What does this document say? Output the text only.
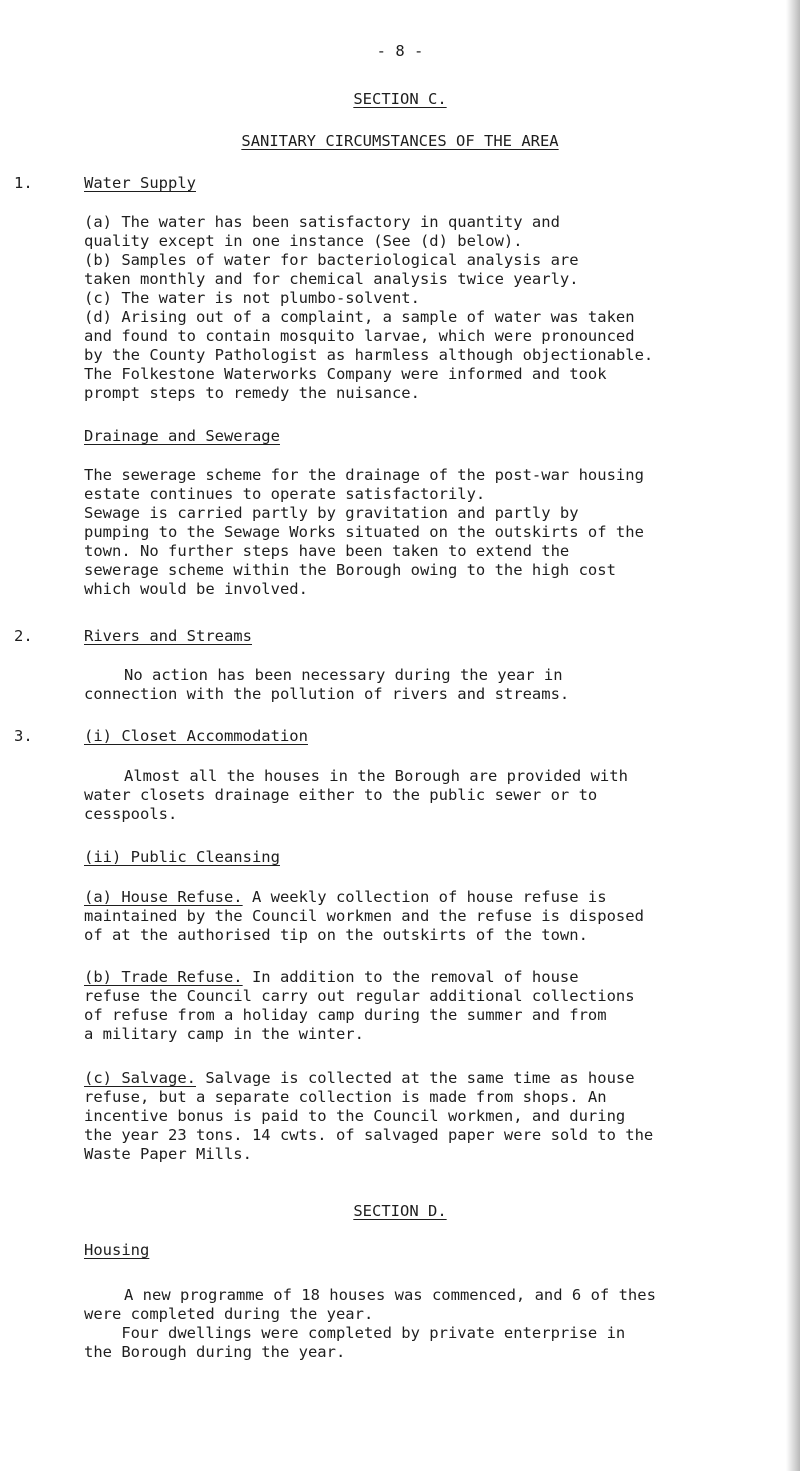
- 8 -
SECTION C.
SANITARY CIRCUMSTANCES OF THE AREA
1.	Water Supply

(a) The water has been satisfactory in quantity and

quality except in one instance (See (d) below).

(b) Samples of water for bacteriological analysis are

taken monthly and for chemical analysis twice yearly.

(c) The water is not plumbo-solvent.

(d) Arising out of a complaint, a sample of water was taken

and found to contain mosquito larvae, which were pronounced

by the County Pathologist as harmless although objectionable.

The Folkestone Waterworks Company were informed and took

prompt steps to remedy the nuisance.

Drainage and Sewerage

The sewerage scheme for the drainage of the post-war housing

estate continues to operate satisfactorily.

Sewage is carried partly by gravitation and partly by

pumping to the Sewage Works situated on the outskirts of the

town. No further steps have been taken to extend the

sewerage scheme within the Borough owing to the high cost

which would be involved.

2.	Rivers and Streams

No action has been necessary during the year in

connection with the pollution of rivers and streams.

3.	(i) Closet Accommodation

Almost all the houses in the Borough are provided with

water closets drainage either to the public sewer or to

cesspools.

(ii) Public Cleansing

(a) House Refuse. A weekly collection of house refuse is

maintained by the Council workmen and the refuse is disposed

of at the authorised tip on the outskirts of the town.

(b) Trade Refuse. In addition to the removal of house

refuse the Council carry out regular additional collections

of refuse from a holiday camp during the summer and from

a military camp in the winter.

(c) Salvage. Salvage is collected at the same time as house

refuse, but a separate collection is made from shops. An

incentive bonus is paid to the Council workmen, and during

the year 23 tons. 14 cwts. of salvaged paper were sold to the

Waste Paper Mills.

SECTION D.
Housing

A new programme of 18 houses was commenced, and 6 of thes

were completed during the year.

Four dwellings were completed by private enterprise in

the Borough during the year.
